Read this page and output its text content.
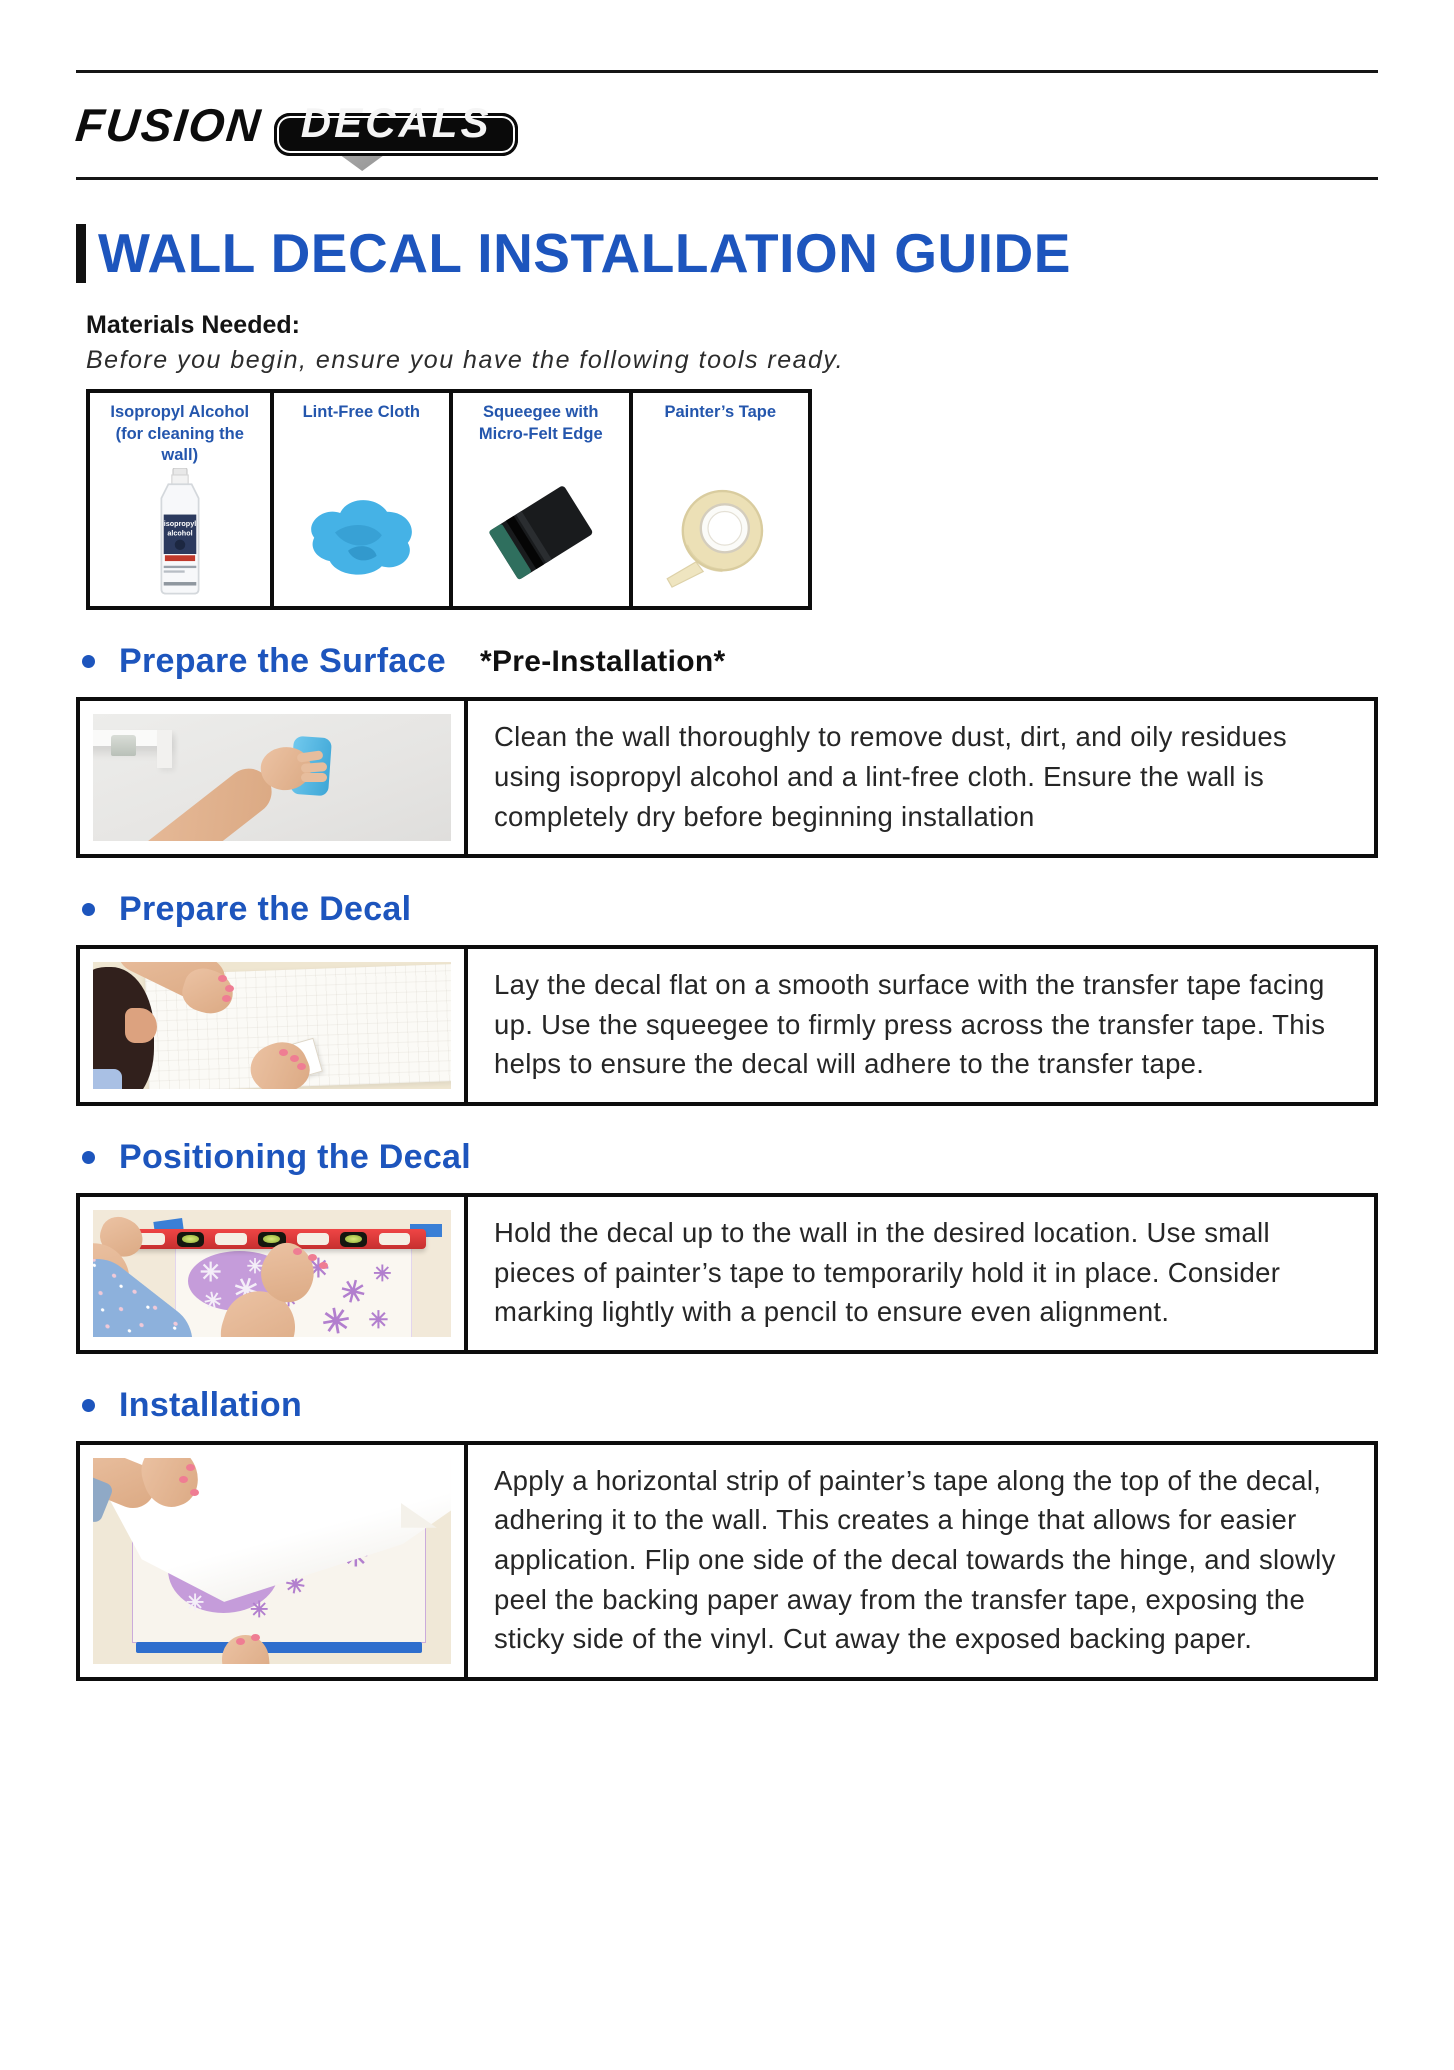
FUSION DECALS
WALL DECAL INSTALLATION GUIDE
Materials Needed:
Before you begin, ensure you have the following tools ready.
Isopropyl Alcohol (for cleaning the wall)
isopropyl
alcohol
Lint-Free Cloth	Squeegee with Micro-Felt Edge
Painter’s Tape
Prepare the Surface *Pre-Installation*
Clean the wall thoroughly to remove dust, dirt, and oily residues using isopropyl alcohol and a lint-free cloth. Ensure the wall is completely dry before beginning installation
Prepare the Decal
Lay the decal flat on a smooth surface with the transfer tape facing up. Use the squeegee to firmly press across the transfer tape. This helps to ensure the decal will adhere to the transfer tape.
Positioning the Decal
✳
✳
✳
✳
✳
✳
✳
✳
✳
✳
Hold the decal up to the wall in the desired location. Use small pieces of painter’s tape to temporarily hold it in place. Consider marking lightly with a pencil to ensure even alignment.
Installation
✳
✳
✳
✳
✳
✳
✳
✳
✳
Apply a horizontal strip of painter’s tape along the top of the decal, adhering it to the wall. This creates a hinge that allows for easier application. Flip one side of the decal towards the hinge, and slowly peel the backing paper away from the transfer tape, exposing the sticky side of the vinyl. Cut away the exposed backing paper.
